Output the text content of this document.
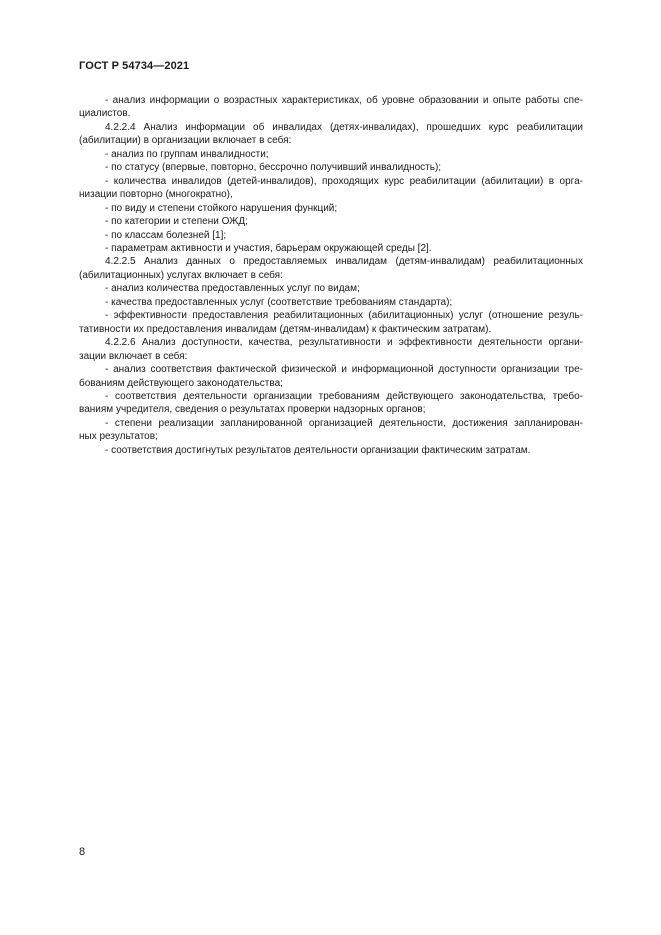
ГОСТ Р 54734—2021
- анализ информации о возрастных характеристиках, об уровне образовании и опыте работы спе-
циалистов.
4.2.2.4 Анализ информации об инвалидах (детях-инвалидах), прошедших курс реабилитации
(абилитации) в организации включает в себя:
- анализ по группам инвалидности;
- по статусу (впервые, повторно, бессрочно получивший инвалидность);
- количества инвалидов (детей-инвалидов), проходящих курс реабилитации (абилитации) в орга-
низации повторно (многократно),
- по виду и степени стойкого нарушения функций;
- по категории и степени ОЖД;
- по классам болезней [1];
- параметрам активности и участия, барьерам окружающей среды [2].
4.2.2.5 Анализ данных о предоставляемых инвалидам (детям-инвалидам) реабилитационных
(абилитационных) услугах включает в себя:
- анализ количества предоставленных услуг по видам;
- качества предоставленных услуг (соответствие требованиям стандарта);
- эффективности предоставления реабилитационных (абилитационных) услуг (отношение резуль-
тативности их предоставления инвалидам (детям-инвалидам) к фактическим затратам).
4.2.2.6 Анализ доступности, качества, результативности и эффективности деятельности органи-
зации включает в себя:
- анализ соответствия фактической физической и информационной доступности организации тре-
бованиям действующего законодательства;
- соответствия деятельности организации требованиям действующего законодательства, требо-
ваниям учредителя, сведения о результатах проверки надзорных органов;
- степени реализации запланированной организацией деятельности, достижения запланирован-
ных результатов;
- соответствия достигнутых результатов деятельности организации фактическим затратам.
8
